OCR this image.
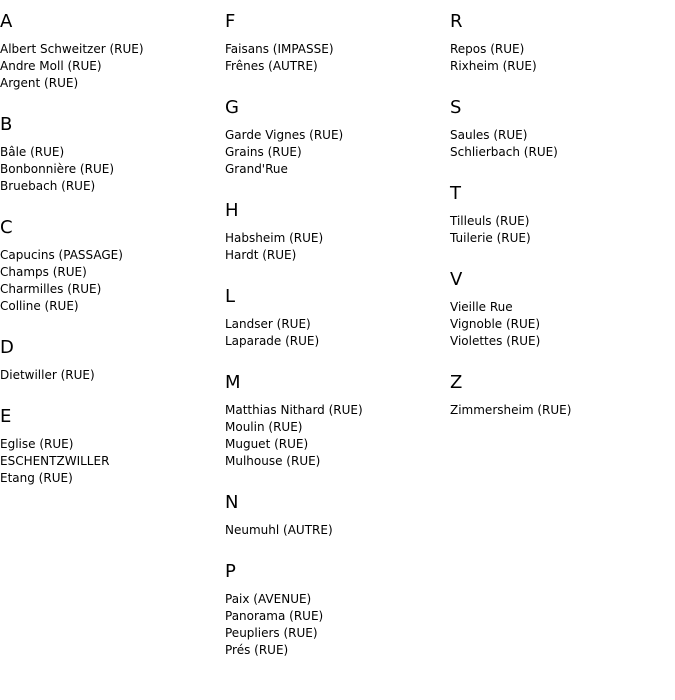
A
Albert Schweitzer (RUE)
Andre Moll (RUE)
Argent (RUE)
B
Bâle (RUE)
Bonbonnière (RUE)
Bruebach (RUE)
C
Capucins (PASSAGE)
Champs (RUE)
Charmilles (RUE)
Colline (RUE)
D
Dietwiller (RUE)
E
Eglise (RUE)
ESCHENTZWILLER
Etang (RUE)
F
Faisans (IMPASSE)
Frênes (AUTRE)
G
Garde Vignes (RUE)
Grains (RUE)
Grand'Rue
H
Habsheim (RUE)
Hardt (RUE)
L
Landser (RUE)
Laparade (RUE)
M
Matthias Nithard (RUE)
Moulin (RUE)
Muguet (RUE)
Mulhouse (RUE)
N
Neumuhl (AUTRE)
P
Paix (AVENUE)
Panorama (RUE)
Peupliers (RUE)
Prés (RUE)
R
Repos (RUE)
Rixheim (RUE)
S
Saules (RUE)
Schlierbach (RUE)
T
Tilleuls (RUE)
Tuilerie (RUE)
V
Vieille Rue
Vignoble (RUE)
Violettes (RUE)
Z
Zimmersheim (RUE)
